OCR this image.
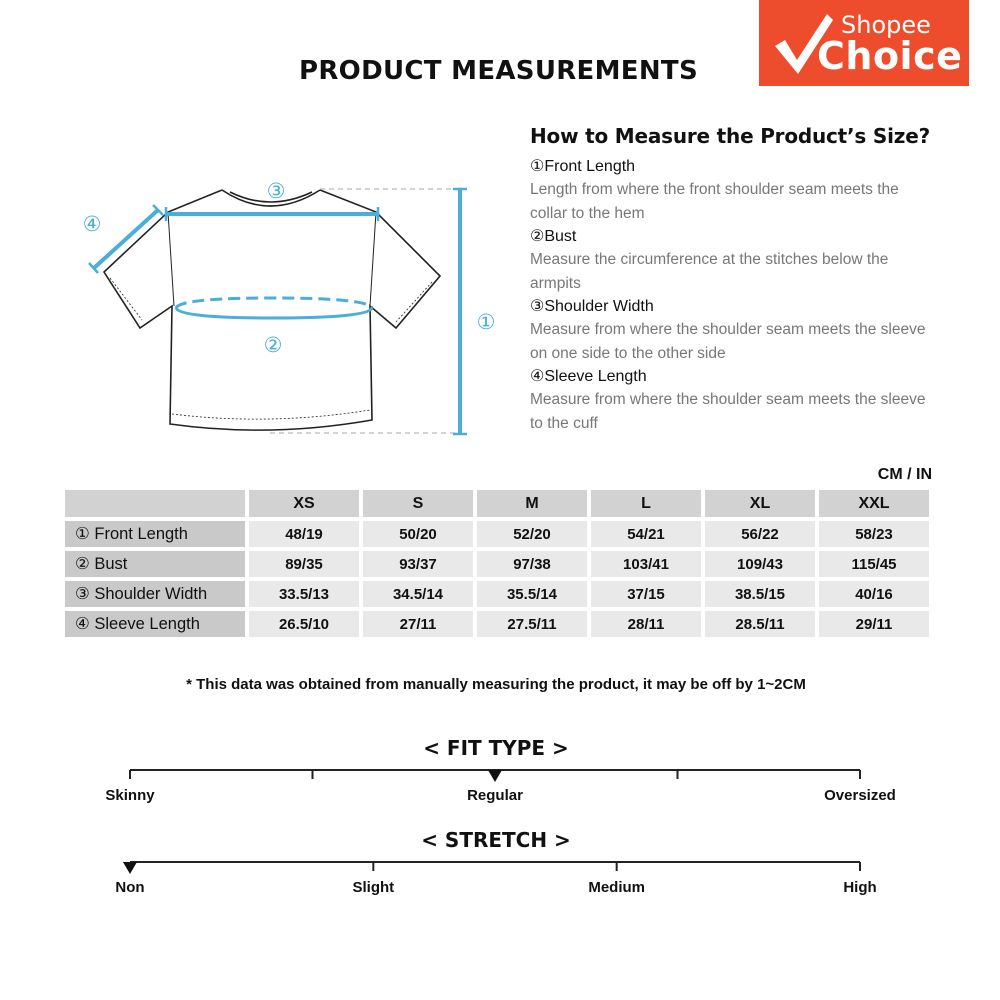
Shopee
Choice
PRODUCT MEASUREMENTS
①
②
③
④
How to Measure the Product’s Size?
①Front Length
Length from where the front shoulder seam meets the collar to the hem
②Bust
Measure the circumference at the stitches below the armpits
③Shoulder Width
Measure from where the shoulder seam meets the sleeve on one side to the other side
④Sleeve Length
Measure from where the shoulder seam meets the sleeve to the cuff
CM / IN
	XS	S	M	L	XL	XXL
① Front Length	48/19	50/20	52/20	54/21	56/22	58/23
② Bust	89/35	93/37	97/38	103/41	109/43	115/45
③ Shoulder Width	33.5/13	34.5/14	35.5/14	37/15	38.5/15	40/16
④ Sleeve Length	26.5/10	27/11	27.5/11	28/11	28.5/11	29/11
* This data was obtained from manually measuring the product, it may be off by 1~2CM
< FIT TYPE >
Skinny	Regular	Oversized
< STRETCH >
Non	Slight	Medium	High
